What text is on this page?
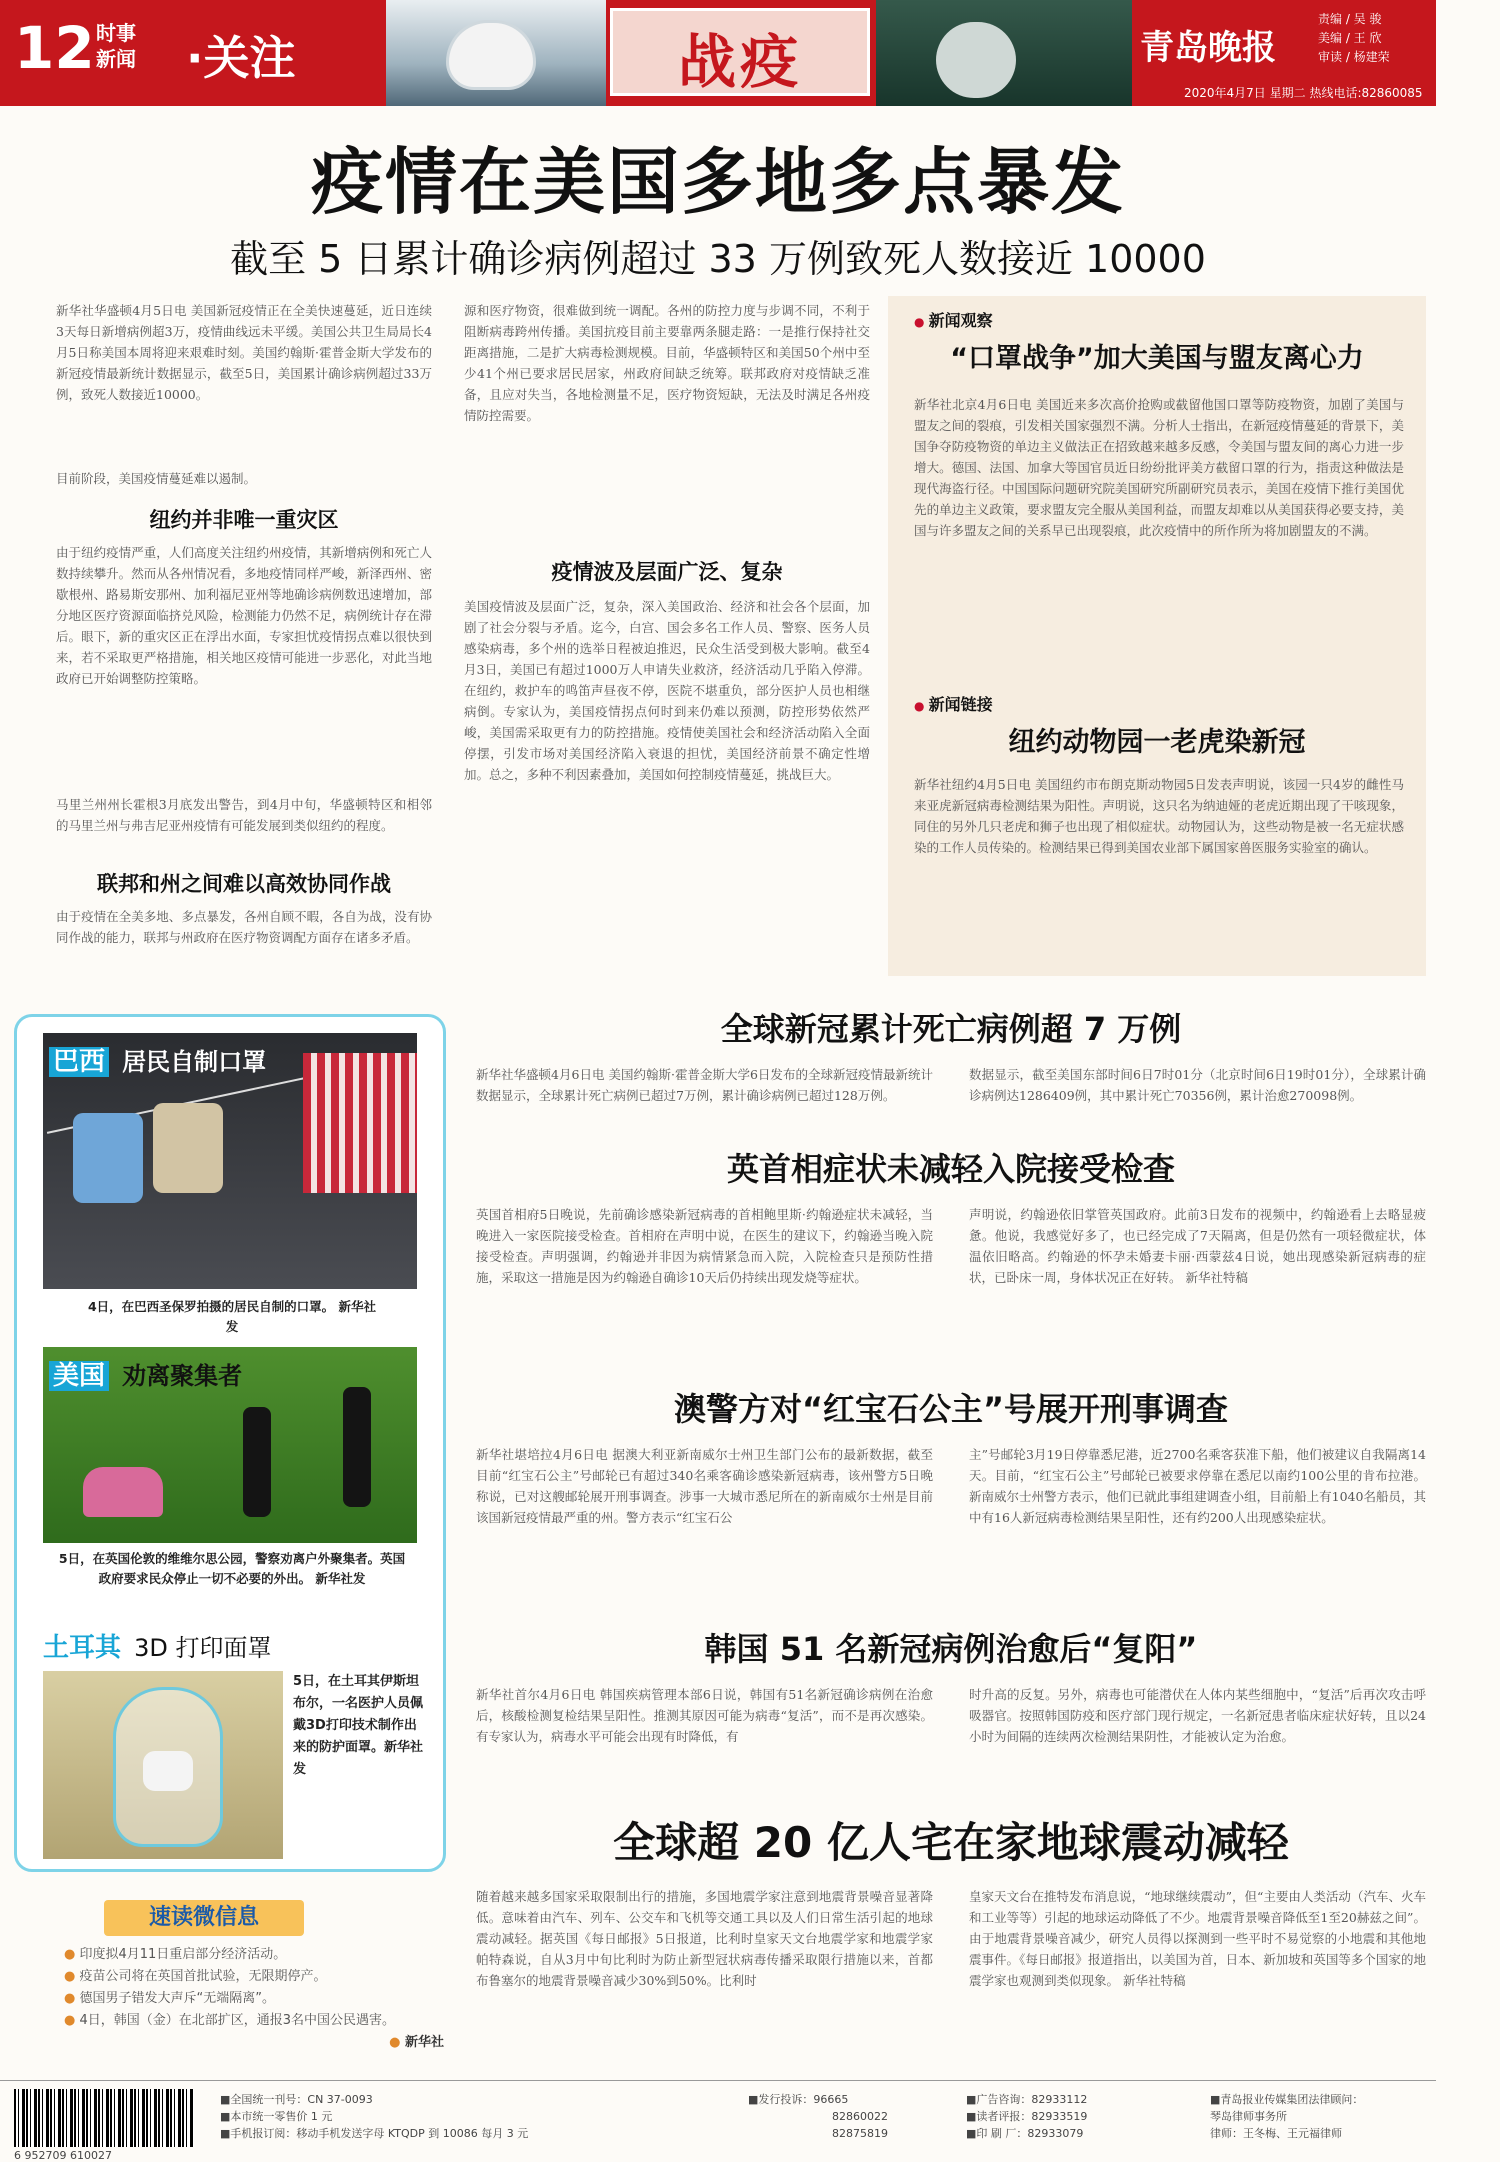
12 时事
新闻 ·关注	战疫	青岛晚报
责编 / 吴 骏
美编 / 王 欣
审读 / 杨建荣
2020年4月7日 星期二 热线电话:82860085
疫情在美国多地多点暴发
截至 5 日累计确诊病例超过 33 万例致死人数接近 10000
新华社华盛顿4月5日电 美国新冠疫情正在全美快速蔓延，近日连续3天每日新增病例超3万，疫情曲线远未平缓。美国公共卫生局局长4月5日称美国本周将迎来艰难时刻。美国约翰斯·霍普金斯大学发布的新冠疫情最新统计数据显示，截至5日，美国累计确诊病例超过33万例，致死人数接近10000。
目前阶段，美国疫情蔓延难以遏制。
纽约并非唯一重灾区
由于纽约疫情严重，人们高度关注纽约州疫情，其新增病例和死亡人数持续攀升。然而从各州情况看，多地疫情同样严峻，新泽西州、密歇根州、路易斯安那州、加利福尼亚州等地确诊病例数迅速增加，部分地区医疗资源面临挤兑风险，检测能力仍然不足，病例统计存在滞后。眼下，新的重灾区正在浮出水面，专家担忧疫情拐点难以很快到来，若不采取更严格措施，相关地区疫情可能进一步恶化，对此当地政府已开始调整防控策略。
马里兰州州长霍根3月底发出警告，到4月中旬，华盛顿特区和相邻的马里兰州与弗吉尼亚州疫情有可能发展到类似纽约的程度。
联邦和州之间难以高效协同作战
由于疫情在全美多地、多点暴发，各州自顾不暇，各自为战，没有协同作战的能力，联邦与州政府在医疗物资调配方面存在诸多矛盾。
源和医疗物资，很难做到统一调配。各州的防控力度与步调不同，不利于阻断病毒跨州传播。美国抗疫目前主要靠两条腿走路：一是推行保持社交距离措施，二是扩大病毒检测规模。目前，华盛顿特区和美国50个州中至少41个州已要求居民居家，州政府间缺乏统筹。联邦政府对疫情缺乏准备，且应对失当，各地检测量不足，医疗物资短缺，无法及时满足各州疫情防控需要。
疫情波及层面广泛、复杂
美国疫情波及层面广泛，复杂，深入美国政治、经济和社会各个层面，加剧了社会分裂与矛盾。迄今，白宫、国会多名工作人员、警察、医务人员感染病毒，多个州的选举日程被迫推迟，民众生活受到极大影响。截至4月3日，美国已有超过1000万人申请失业救济，经济活动几乎陷入停滞。在纽约，救护车的鸣笛声昼夜不停，医院不堪重负，部分医护人员也相继病倒。专家认为，美国疫情拐点何时到来仍难以预测，防控形势依然严峻，美国需采取更有力的防控措施。疫情使美国社会和经济活动陷入全面停摆，引发市场对美国经济陷入衰退的担忧，美国经济前景不确定性增加。总之，多种不利因素叠加，美国如何控制疫情蔓延，挑战巨大。
● 新闻观察
“口罩战争”加大美国与盟友离心力
新华社北京4月6日电 美国近来多次高价抢购或截留他国口罩等防疫物资，加剧了美国与盟友之间的裂痕，引发相关国家强烈不满。分析人士指出，在新冠疫情蔓延的背景下，美国争夺防疫物资的单边主义做法正在招致越来越多反感，令美国与盟友间的离心力进一步增大。德国、法国、加拿大等国官员近日纷纷批评美方截留口罩的行为，指责这种做法是现代海盗行径。中国国际问题研究院美国研究所副研究员表示，美国在疫情下推行美国优先的单边主义政策，要求盟友完全服从美国利益，而盟友却难以从美国获得必要支持，美国与许多盟友之间的关系早已出现裂痕，此次疫情中的所作所为将加剧盟友的不满。
● 新闻链接
纽约动物园一老虎染新冠
新华社纽约4月5日电 美国纽约市布朗克斯动物园5日发表声明说，该园一只4岁的雌性马来亚虎新冠病毒检测结果为阳性。声明说，这只名为纳迪娅的老虎近期出现了干咳现象，同住的另外几只老虎和狮子也出现了相似症状。动物园认为，这些动物是被一名无症状感染的工作人员传染的。检测结果已得到美国农业部下属国家兽医服务实验室的确认。
巴西 居民自制口罩
4日，在巴西圣保罗拍摄的居民自制的口罩。 新华社发
美国 劝离聚集者
5日，在英国伦敦的维维尔思公园，警察劝离户外聚集者。英国政府要求民众停止一切不必要的外出。 新华社发
土耳其 3D 打印面罩
5日，在土耳其伊斯坦布尔，一名医护人员佩戴3D打印技术制作出来的防护面罩。新华社发
全球新冠累计死亡病例超 7 万例
新华社华盛顿4月6日电 美国约翰斯·霍普金斯大学6日发布的全球新冠疫情最新统计数据显示，全球累计死亡病例已超过7万例，累计确诊病例已超过128万例。
数据显示，截至美国东部时间6日7时01分（北京时间6日19时01分），全球累计确诊病例达1286409例，其中累计死亡70356例，累计治愈270098例。
英首相症状未减轻入院接受检查
英国首相府5日晚说，先前确诊感染新冠病毒的首相鲍里斯·约翰逊症状未减轻，当晚进入一家医院接受检查。首相府在声明中说，在医生的建议下，约翰逊当晚入院接受检查。声明强调，约翰逊并非因为病情紧急而入院，入院检查只是预防性措施，采取这一措施是因为约翰逊自确诊10天后仍持续出现发烧等症状。
声明说，约翰逊依旧掌管英国政府。此前3日发布的视频中，约翰逊看上去略显疲惫。他说，我感觉好多了，也已经完成了7天隔离，但是仍然有一项轻微症状，体温依旧略高。约翰逊的怀孕未婚妻卡丽·西蒙兹4日说，她出现感染新冠病毒的症状，已卧床一周，身体状况正在好转。 新华社特稿
澳警方对“红宝石公主”号展开刑事调查
新华社堪培拉4月6日电 据澳大利亚新南威尔士州卫生部门公布的最新数据，截至目前“红宝石公主”号邮轮已有超过340名乘客确诊感染新冠病毒，该州警方5日晚称说，已对这艘邮轮展开刑事调查。涉事一大城市悉尼所在的新南威尔士州是目前该国新冠疫情最严重的州。警方表示“红宝石公
主”号邮轮3月19日停靠悉尼港，近2700名乘客获准下船，他们被建议自我隔离14天。目前，“红宝石公主”号邮轮已被要求停靠在悉尼以南约100公里的肯布拉港。新南威尔士州警方表示，他们已就此事组建调查小组，目前船上有1040名船员，其中有16人新冠病毒检测结果呈阳性，还有约200人出现感染症状。
韩国 51 名新冠病例治愈后“复阳”
新华社首尔4月6日电 韩国疾病管理本部6日说，韩国有51名新冠确诊病例在治愈后，核酸检测复检结果呈阳性。推测其原因可能为病毒“复活”，而不是再次感染。有专家认为，病毒水平可能会出现有时降低，有
时升高的反复。另外，病毒也可能潜伏在人体内某些细胞中，“复活”后再次攻击呼吸器官。按照韩国防疫和医疗部门现行规定，一名新冠患者临床症状好转，且以24小时为间隔的连续两次检测结果阴性，才能被认定为治愈。
全球超 20 亿人宅在家地球震动减轻
随着越来越多国家采取限制出行的措施，多国地震学家注意到地震背景噪音显著降低。意味着由汽车、列车、公交车和飞机等交通工具以及人们日常生活引起的地球震动减轻。据英国《每日邮报》5日报道，比利时皇家天文台地震学家和地震学家帕特森说，自从3月中旬比利时为防止新型冠状病毒传播采取限行措施以来，首都布鲁塞尔的地震背景噪音减少30%到50%。比利时
皇家天文台在推特发布消息说，“地球继续震动”，但“主要由人类活动（汽车、火车和工业等等）引起的地球运动降低了不少。地震背景噪音降低至1至20赫兹之间”。由于地震背景噪音减少，研究人员得以探测到一些平时不易觉察的小地震和其他地震事件。《每日邮报》报道指出，以美国为首，日本、新加坡和英国等多个国家的地震学家也观测到类似现象。 新华社特稿
速读微信息
● 印度拟4月11日重启部分经济活动。
● 疫苗公司将在英国首批试验，无限期停产。
● 德国男子错发大声斥“无端隔离”。
● 4日，韩国（金）在北部扩区，通报3名中国公民遇害。
● 新华社
6 952709 610027
■全国统一刊号：CN 37-0093
■本市统一零售价 1 元
■手机报订阅：移动手机发送字母 KTQDP 到 10086 每月 3 元
■发行投诉：96665
82860022
82875819
■广告咨询：82933112
■读者评报：82933519
■印 刷 厂：82933079
■青岛报业传媒集团法律顾问：
琴岛律师事务所
律师：王冬梅、王元福律师
